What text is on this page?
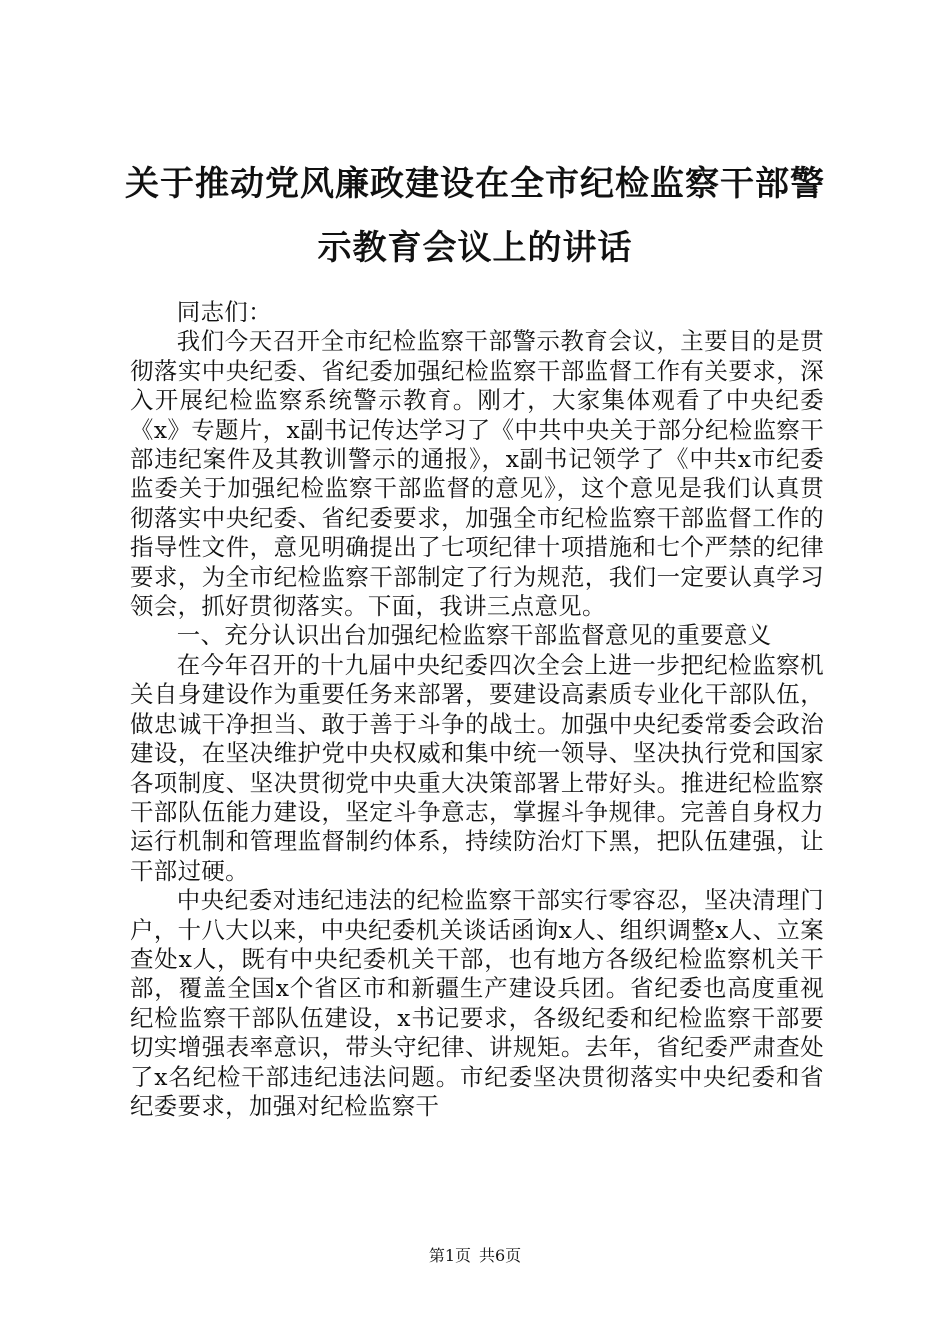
关于推动党风廉政建设在全市纪检监察干部警
示教育会议上的讲话

同志们：

我们今天召开全市纪检监察干部警示教育会议，主要目的是贯彻落实中央纪委、省纪委加强纪检监察干部监督工作有关要求，深入开展纪检监察系统警示教育。刚才，大家集体观看了中央纪委《x》专题片，x副书记传达学习了《中共中央关于部分纪检监察干部违纪案件及其教训警示的通报》，x副书记领学了《中共x市纪委监委关于加强纪检监察干部监督的意见》，这个意见是我们认真贯彻落实中央纪委、省纪委要求，加强全市纪检监察干部监督工作的指导性文件，意见明确提出了七项纪律十项措施和七个严禁的纪律要求，为全市纪检监察干部制定了行为规范，我们一定要认真学习领会，抓好贯彻落实。下面，我讲三点意见。

一、充分认识出台加强纪检监察干部监督意见的重要意义

在今年召开的十九届中央纪委四次全会上进一步把纪检监察机关自身建设作为重要任务来部署，要建设高素质专业化干部队伍，做忠诚干净担当、敢于善于斗争的战士。加强中央纪委常委会政治建设，在坚决维护党中央权威和集中统一领导、坚决执行党和国家各项制度、坚决贯彻党中央重大决策部署上带好头。推进纪检监察干部队伍能力建设，坚定斗争意志，掌握斗争规律。完善自身权力运行机制和管理监督制约体系，持续防治灯下黑，把队伍建强，让干部过硬。

中央纪委对违纪违法的纪检监察干部实行零容忍，坚决清理门户，十八大以来，中央纪委机关谈话函询x人、组织调整x人、立案查处x人，既有中央纪委机关干部，也有地方各级纪检监察机关干部，覆盖全国x个省区市和新疆生产建设兵团。省纪委也高度重视纪检监察干部队伍建设，x书记要求，各级纪委和纪检监察干部要切实增强表率意识，带头守纪律、讲规矩。去年，省纪委严肃查处了x名纪检干部违纪违法问题。市纪委坚决贯彻落实中央纪委和省纪委要求，加强对纪检监察干

第1页 共6页
